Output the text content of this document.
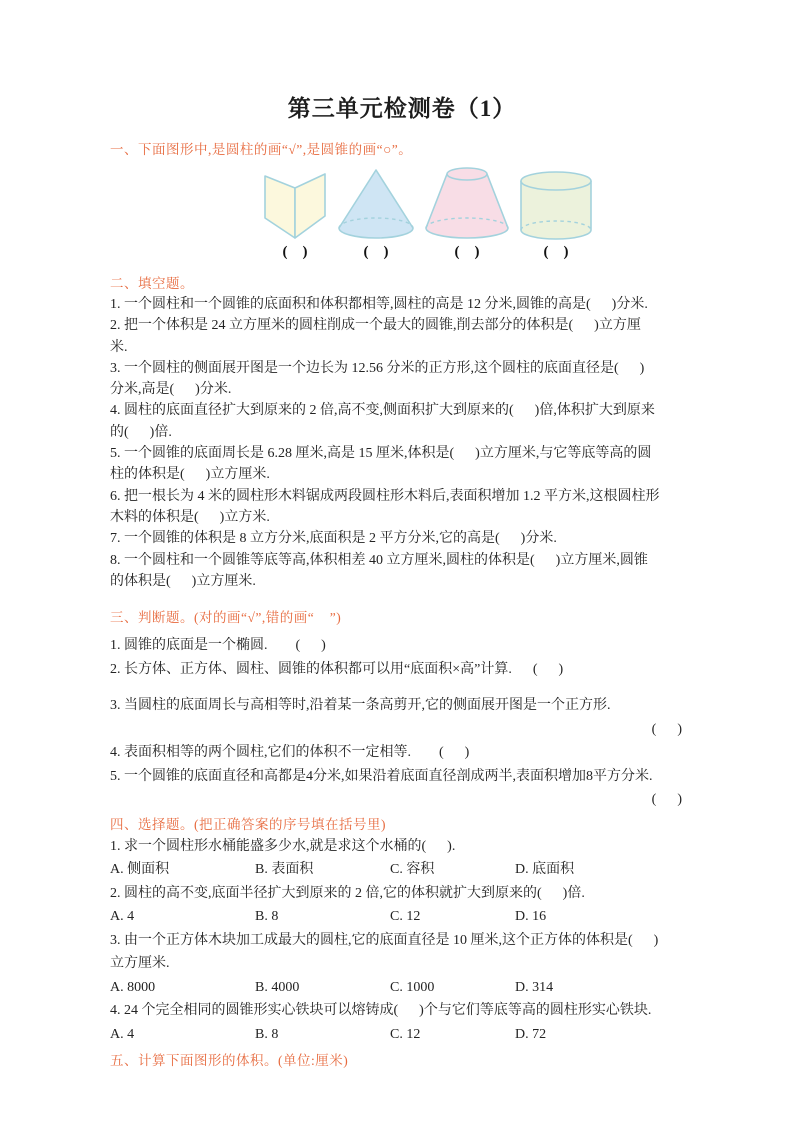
第三单元检测卷（1）
一、下面图形中,是圆柱的画“√”,是圆锥的画“○”。
(    )	(    )	(    )	(    )
二、填空题。
1. 一个圆柱和一个圆锥的底面积和体积都相等,圆柱的高是 12 分米,圆锥的高是(      )分米.
2. 把一个体积是 24 立方厘米的圆柱削成一个最大的圆锥,削去部分的体积是(      )立方厘
米.
3. 一个圆柱的侧面展开图是一个边长为 12.56 分米的正方形,这个圆柱的底面直径是(      )
分米,高是(      )分米.
4. 圆柱的底面直径扩大到原来的 2 倍,高不变,侧面积扩大到原来的(      )倍,体积扩大到原来
的(      )倍.
5. 一个圆锥的底面周长是 6.28 厘米,高是 15 厘米,体积是(      )立方厘米,与它等底等高的圆
柱的体积是(      )立方厘米.
6. 把一根长为 4 米的圆柱形木料锯成两段圆柱形木料后,表面积增加 1.2 平方米,这根圆柱形
木料的体积是(      )立方米.
7. 一个圆锥的体积是 8 立方分米,底面积是 2 平方分米,它的高是(      )分米.
8. 一个圆柱和一个圆锥等底等高,体积相差 40 立方厘米,圆柱的体积是(      )立方厘米,圆锥
的体积是(      )立方厘米.
三、判断题。(对的画“√”,错的画“    ”)
1. 圆锥的底面是一个椭圆.        (      )
2. 长方体、正方体、圆柱、圆锥的体积都可以用“底面积×高”计算.      (      )
3. 当圆柱的底面周长与高相等时,沿着某一条高剪开,它的侧面展开图是一个正方形.
(      )
4. 表面积相等的两个圆柱,它们的体积不一定相等.        (      )
5. 一个圆锥的底面直径和高都是4分米,如果沿着底面直径剖成两半,表面积增加8平方分米.
(      )
四、选择题。(把正确答案的序号填在括号里)
1. 求一个圆柱形水桶能盛多少水,就是求这个水桶的(      ).
A. 侧面积	B. 表面积	C. 容积	D. 底面积
2. 圆柱的高不变,底面半径扩大到原来的 2 倍,它的体积就扩大到原来的(      )倍.
A. 4	B. 8	C. 12	D. 16
3. 由一个正方体木块加工成最大的圆柱,它的底面直径是 10 厘米,这个正方体的体积是(      )
立方厘米.
A. 8000	B. 4000	C. 1000	D. 314
4. 24 个完全相同的圆锥形实心铁块可以熔铸成(      )个与它们等底等高的圆柱形实心铁块.
A. 4	B. 8	C. 12	D. 72
五、计算下面图形的体积。(单位:厘米)
